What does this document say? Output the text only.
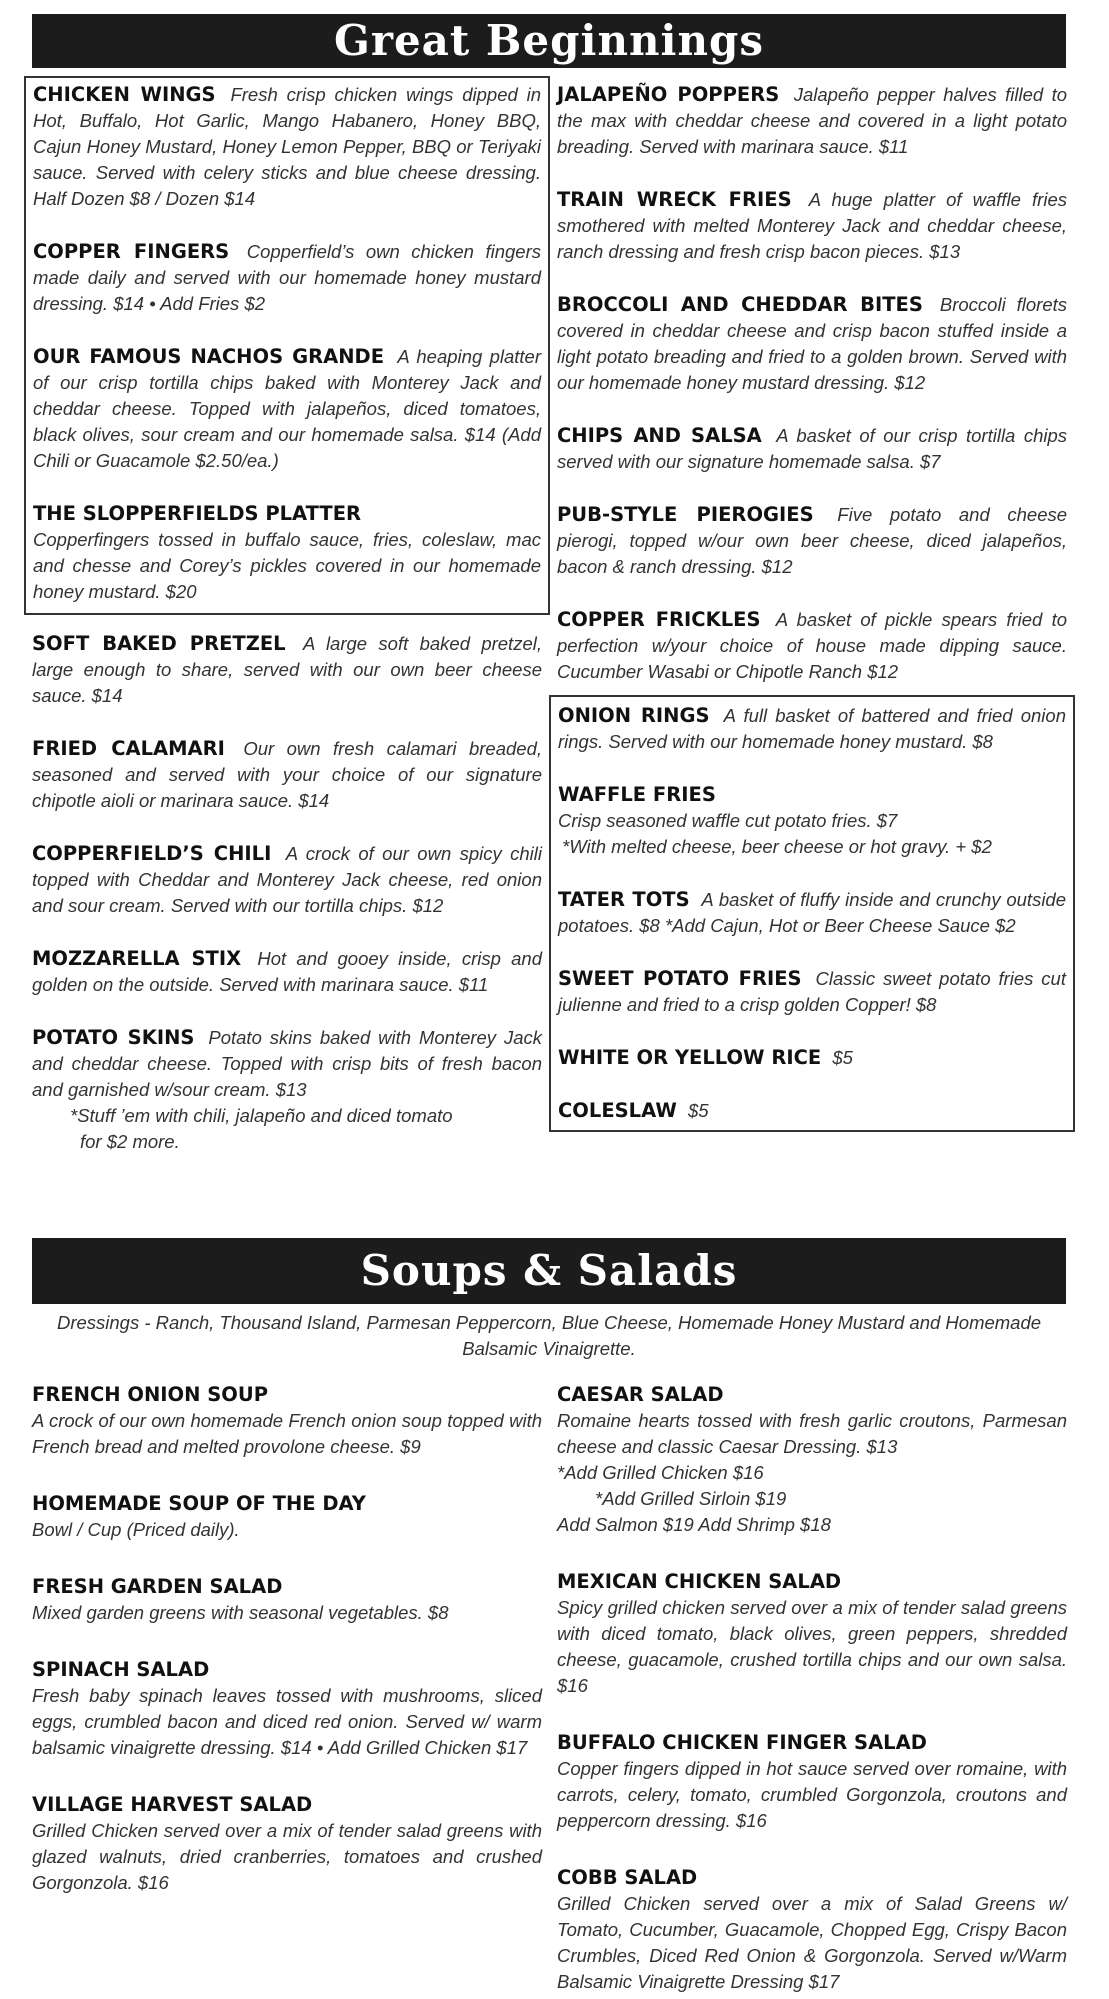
Great Beginnings
CHICKEN WINGS Fresh crisp chicken wings dipped in Hot, Buffalo, Hot Garlic, Mango Habanero, Honey BBQ, Cajun Honey Mustard, Honey Lemon Pepper, BBQ or Teriyaki sauce. Served with celery sticks and blue cheese dressing. Half Dozen $8 / Dozen $14
COPPER FINGERS Copperfield’s own chicken fingers made daily and served with our homemade honey mustard dressing. $14 • Add Fries $2
OUR FAMOUS NACHOS GRANDE A heaping platter of our crisp tortilla chips baked with Monterey Jack and cheddar cheese. Topped with jalapeños, diced tomatoes, black olives, sour cream and our homemade salsa. $14 (Add Chili or Guacamole $2.50/ea.)
THE SLOPPERFIELDS PLATTER
Copperfingers tossed in buffalo sauce, fries, coleslaw, mac and chesse and Corey’s pickles covered in our homemade honey mustard. $20
SOFT BAKED PRETZEL A large soft baked pretzel, large enough to share, served with our own beer cheese sauce. $14
FRIED CALAMARI Our own fresh calamari breaded, seasoned and served with your choice of our signature chipotle aioli or marinara sauce. $14
COPPERFIELD’S CHILI A crock of our own spicy chili topped with Cheddar and Monterey Jack cheese, red onion and sour cream. Served with our tortilla chips. $12
MOZZARELLA STIX Hot and gooey inside, crisp and golden on the outside. Served with marinara sauce. $11
POTATO SKINS Potato skins baked with Monterey Jack and cheddar cheese. Topped with crisp bits of fresh bacon and garnished w/sour cream. $13
*Stuff ’em with chili, jalapeño and diced tomato
for $2 more.
JALAPEÑO POPPERS Jalapeño pepper halves filled to the max with cheddar cheese and covered in a light potato breading. Served with marinara sauce. $11
TRAIN WRECK FRIES A huge platter of waffle fries smothered with melted Monterey Jack and cheddar cheese, ranch dressing and fresh crisp bacon pieces. $13
BROCCOLI AND CHEDDAR BITES Broccoli florets covered in cheddar cheese and crisp bacon stuffed inside a light potato breading and fried to a golden brown. Served with our homemade honey mustard dressing. $12
CHIPS AND SALSA A basket of our crisp tortilla chips served with our signature homemade salsa. $7
PUB-STYLE PIEROGIES Five potato and cheese pierogi, topped w/our own beer cheese, diced jalapeños, bacon & ranch dressing. $12
COPPER FRICKLES A basket of pickle spears fried to perfection w/your choice of house made dipping sauce. Cucumber Wasabi or Chipotle Ranch $12
ONION RINGS A full basket of battered and fried onion rings. Served with our homemade honey mustard. $8
WAFFLE FRIES
Crisp seasoned waffle cut potato fries. $7
*With melted cheese, beer cheese or hot gravy. + $2
TATER TOTS A basket of fluffy inside and crunchy outside potatoes. $8 *Add Cajun, Hot or Beer Cheese Sauce $2
SWEET POTATO FRIES Classic sweet potato fries cut julienne and fried to a crisp golden Copper! $8
WHITE OR YELLOW RICE $5
COLESLAW $5
Soups & Salads
Dressings - Ranch, Thousand Island, Parmesan Peppercorn, Blue Cheese, Homemade Honey Mustard and Homemade Balsamic Vinaigrette.
FRENCH ONION SOUP
A crock of our own homemade French onion soup topped with French bread and melted provolone cheese. $9
HOMEMADE SOUP OF THE DAY
Bowl / Cup (Priced daily).
FRESH GARDEN SALAD
Mixed garden greens with seasonal vegetables. $8
SPINACH SALAD
Fresh baby spinach leaves tossed with mushrooms, sliced eggs, crumbled bacon and diced red onion. Served w/ warm balsamic vinaigrette dressing. $14 • Add Grilled Chicken $17
VILLAGE HARVEST SALAD
Grilled Chicken served over a mix of tender salad greens with glazed walnuts, dried cranberries, tomatoes and crushed Gorgonzola. $16
CAESAR SALAD
Romaine hearts tossed with fresh garlic croutons, Parmesan cheese and classic Caesar Dressing. $13
*Add Grilled Chicken $16
*Add Grilled Sirloin $19
Add Salmon $19 Add Shrimp $18
MEXICAN CHICKEN SALAD
Spicy grilled chicken served over a mix of tender salad greens with diced tomato, black olives, green peppers, shredded cheese, guacamole, crushed tortilla chips and our own salsa. $16
BUFFALO CHICKEN FINGER SALAD
Copper fingers dipped in hot sauce served over romaine, with carrots, celery, tomato, crumbled Gorgonzola, croutons and peppercorn dressing. $16
COBB SALAD
Grilled Chicken served over a mix of Salad Greens w/ Tomato, Cucumber, Guacamole, Chopped Egg, Crispy Bacon Crumbles, Diced Red Onion & Gorgonzola. Served w/Warm Balsamic Vinaigrette Dressing $17
